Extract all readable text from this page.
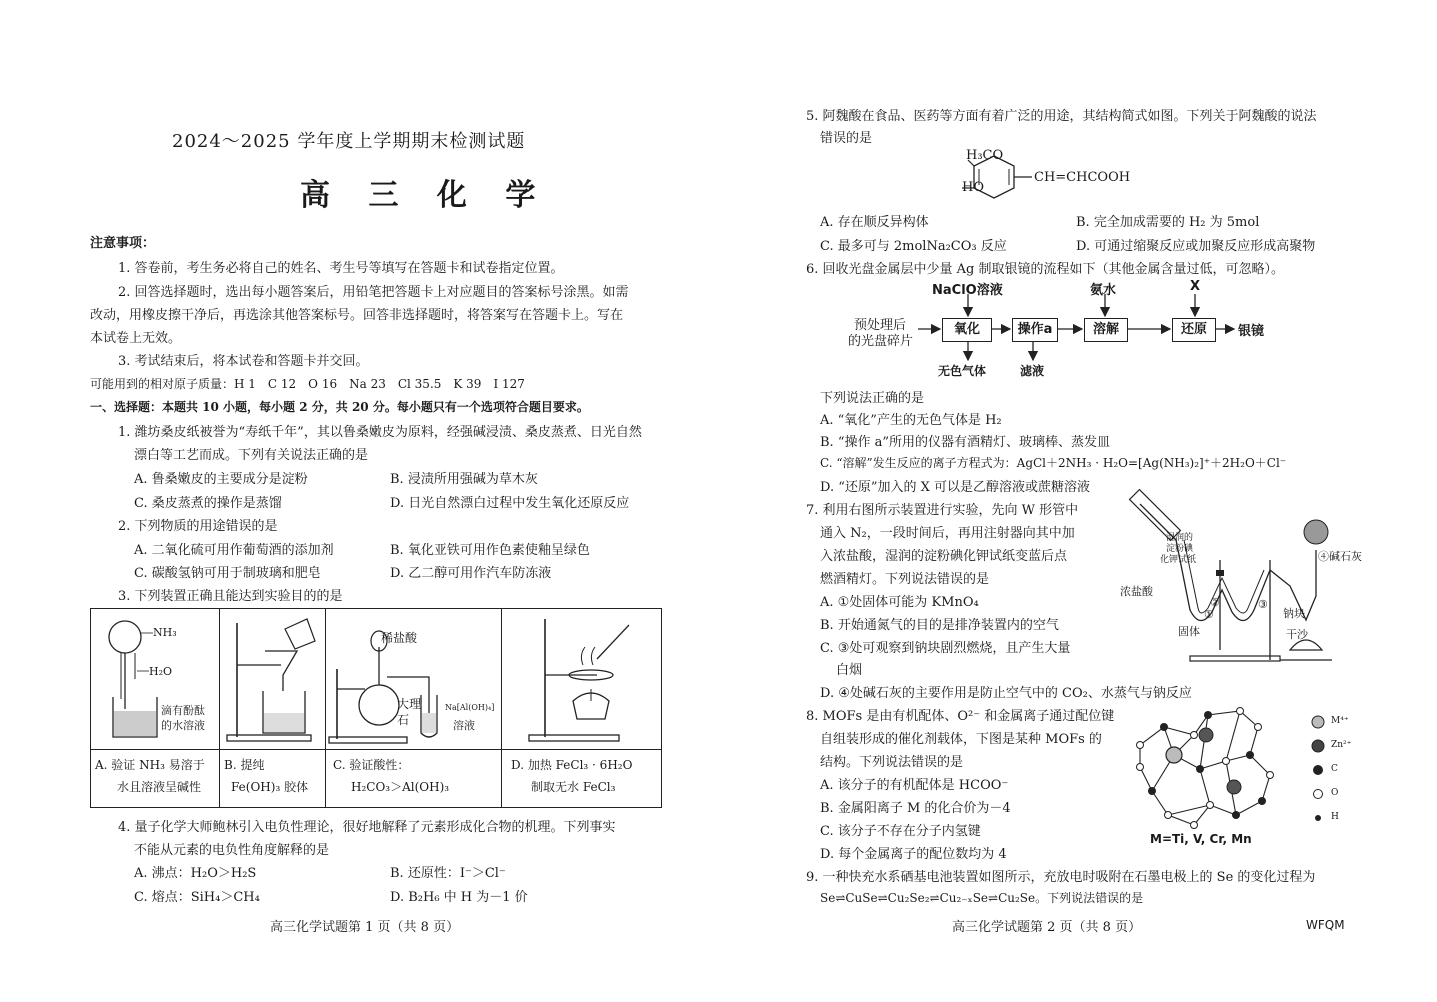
2024～2025 学年度上学期期末检测试题
高 三 化 学
注意事项：
1. 答卷前，考生务必将自己的姓名、考生号等填写在答题卡和试卷指定位置。
2. 回答选择题时，选出每小题答案后，用铅笔把答题卡上对应题目的答案标号涂黑。如需
改动，用橡皮擦干净后，再选涂其他答案标号。回答非选择题时，将答案写在答题卡上。写在
本试卷上无效。
3. 考试结束后，将本试卷和答题卡并交回。
可能用到的相对原子质量：H 1　C 12　O 16　Na 23　Cl 35.5　K 39　I 127
一、选择题：本题共 10 小题，每小题 2 分，共 20 分。每小题只有一个选项符合题目要求。
1. 潍坊桑皮纸被誉为“寿纸千年”，其以鲁桑嫩皮为原料，经强碱浸渍、桑皮蒸煮、日光自然
漂白等工艺而成。下列有关说法正确的是
A. 鲁桑嫩皮的主要成分是淀粉	B. 浸渍所用强碱为草木灰
C. 桑皮蒸煮的操作是蒸馏	D. 日光自然漂白过程中发生氧化还原反应
2. 下列物质的用途错误的是
A. 二氧化硫可用作葡萄酒的添加剂	B. 氧化亚铁可用作色素使釉呈绿色
C. 碳酸氢钠可用于制玻璃和肥皂	D. 乙二醇可用作汽车防冻液
3. 下列装置正确且能达到实验目的的是
NH₃
H₂O
滴有酚酞
的水溶液
稀盐酸
大理
石
Na[Al(OH)₄]
溶液
A. 验证 NH₃ 易溶于
水且溶液呈碱性
B. 提纯
Fe(OH)₃ 胶体
C. 验证酸性：
H₂CO₃＞Al(OH)₃
D. 加热 FeCl₃ · 6H₂O
制取无水 FeCl₃
4. 量子化学大师鲍林引入电负性理论，很好地解释了元素形成化合物的机理。下列事实
不能从元素的电负性角度解释的是
A. 沸点：H₂O＞H₂S	B. 还原性：I⁻＞Cl⁻
C. 熔点：SiH₄＞CH₄	D. B₂H₆ 中 H 为－1 价
高三化学试题第 1 页（共 8 页）
5. 阿魏酸在食品、医药等方面有着广泛的用途，其结构简式如图。下列关于阿魏酸的说法
错误的是
H₃CO
HO
CH=CHCOOH
A. 存在顺反异构体	B. 完全加成需要的 H₂ 为 5mol
C. 最多可与 2molNa₂CO₃ 反应	D. 可通过缩聚反应或加聚反应形成高聚物
6. 回收光盘金属层中少量 Ag 制取银镜的流程如下（其他金属含量过低，可忽略）。
预处理后
的光盘碎片
NaClO溶液
氧化	操作a
氨水
溶解
X
还原	银镜
无色气体	滤液
下列说法正确的是
A. “氧化”产生的无色气体是 H₂
B. “操作 a”所用的仪器有酒精灯、玻璃棒、蒸发皿
C. “溶解”发生反应的离子方程式为：AgCl＋2NH₃ · H₂O=[Ag(NH₃)₂]⁺＋2H₂O＋Cl⁻
D. “还原”加入的 X 可以是乙醇溶液或蔗糖溶液
7. 利用右图所示装置进行实验，先向 W 形管中
通入 N₂，一段时间后，再用注射器向其中加
入浓盐酸，湿润的淀粉碘化钾试纸变蓝后点
燃酒精灯。下列说法错误的是
A. ①处固体可能为 KMnO₄
B. 开始通氮气的目的是排净装置内的空气
C. ③处可观察到钠块剧烈燃烧，且产生大量
白烟
D. ④处碱石灰的主要作用是防止空气中的 CO₂、水蒸气与钠反应
浓盐酸
湿润的
淀粉碘
化钾试纸	④碱石灰
固体
钠块
干沙
①
②	③
8. MOFs 是由有机配体、O²⁻ 和金属离子通过配位键
自组装形成的催化剂载体，下图是某种 MOFs 的
结构。下列说法错误的是
A. 该分子的有机配体是 HCOO⁻
B. 金属阳离子 M 的化合价为－4
C. 该分子不存在分子内氢键
D. 每个金属离子的配位数均为 4
M⁴⁺
Zn²⁺
C
O
H
M=Ti, V, Cr, Mn
9. 一种快充水系硒基电池装置如图所示，充放电时吸附在石墨电极上的 Se 的变化过程为
Se⇌CuSe⇌Cu₂Se₂⇌Cu₂₋ₓSe⇌Cu₂Se。下列说法错误的是
高三化学试题第 2 页（共 8 页）	WFQM
